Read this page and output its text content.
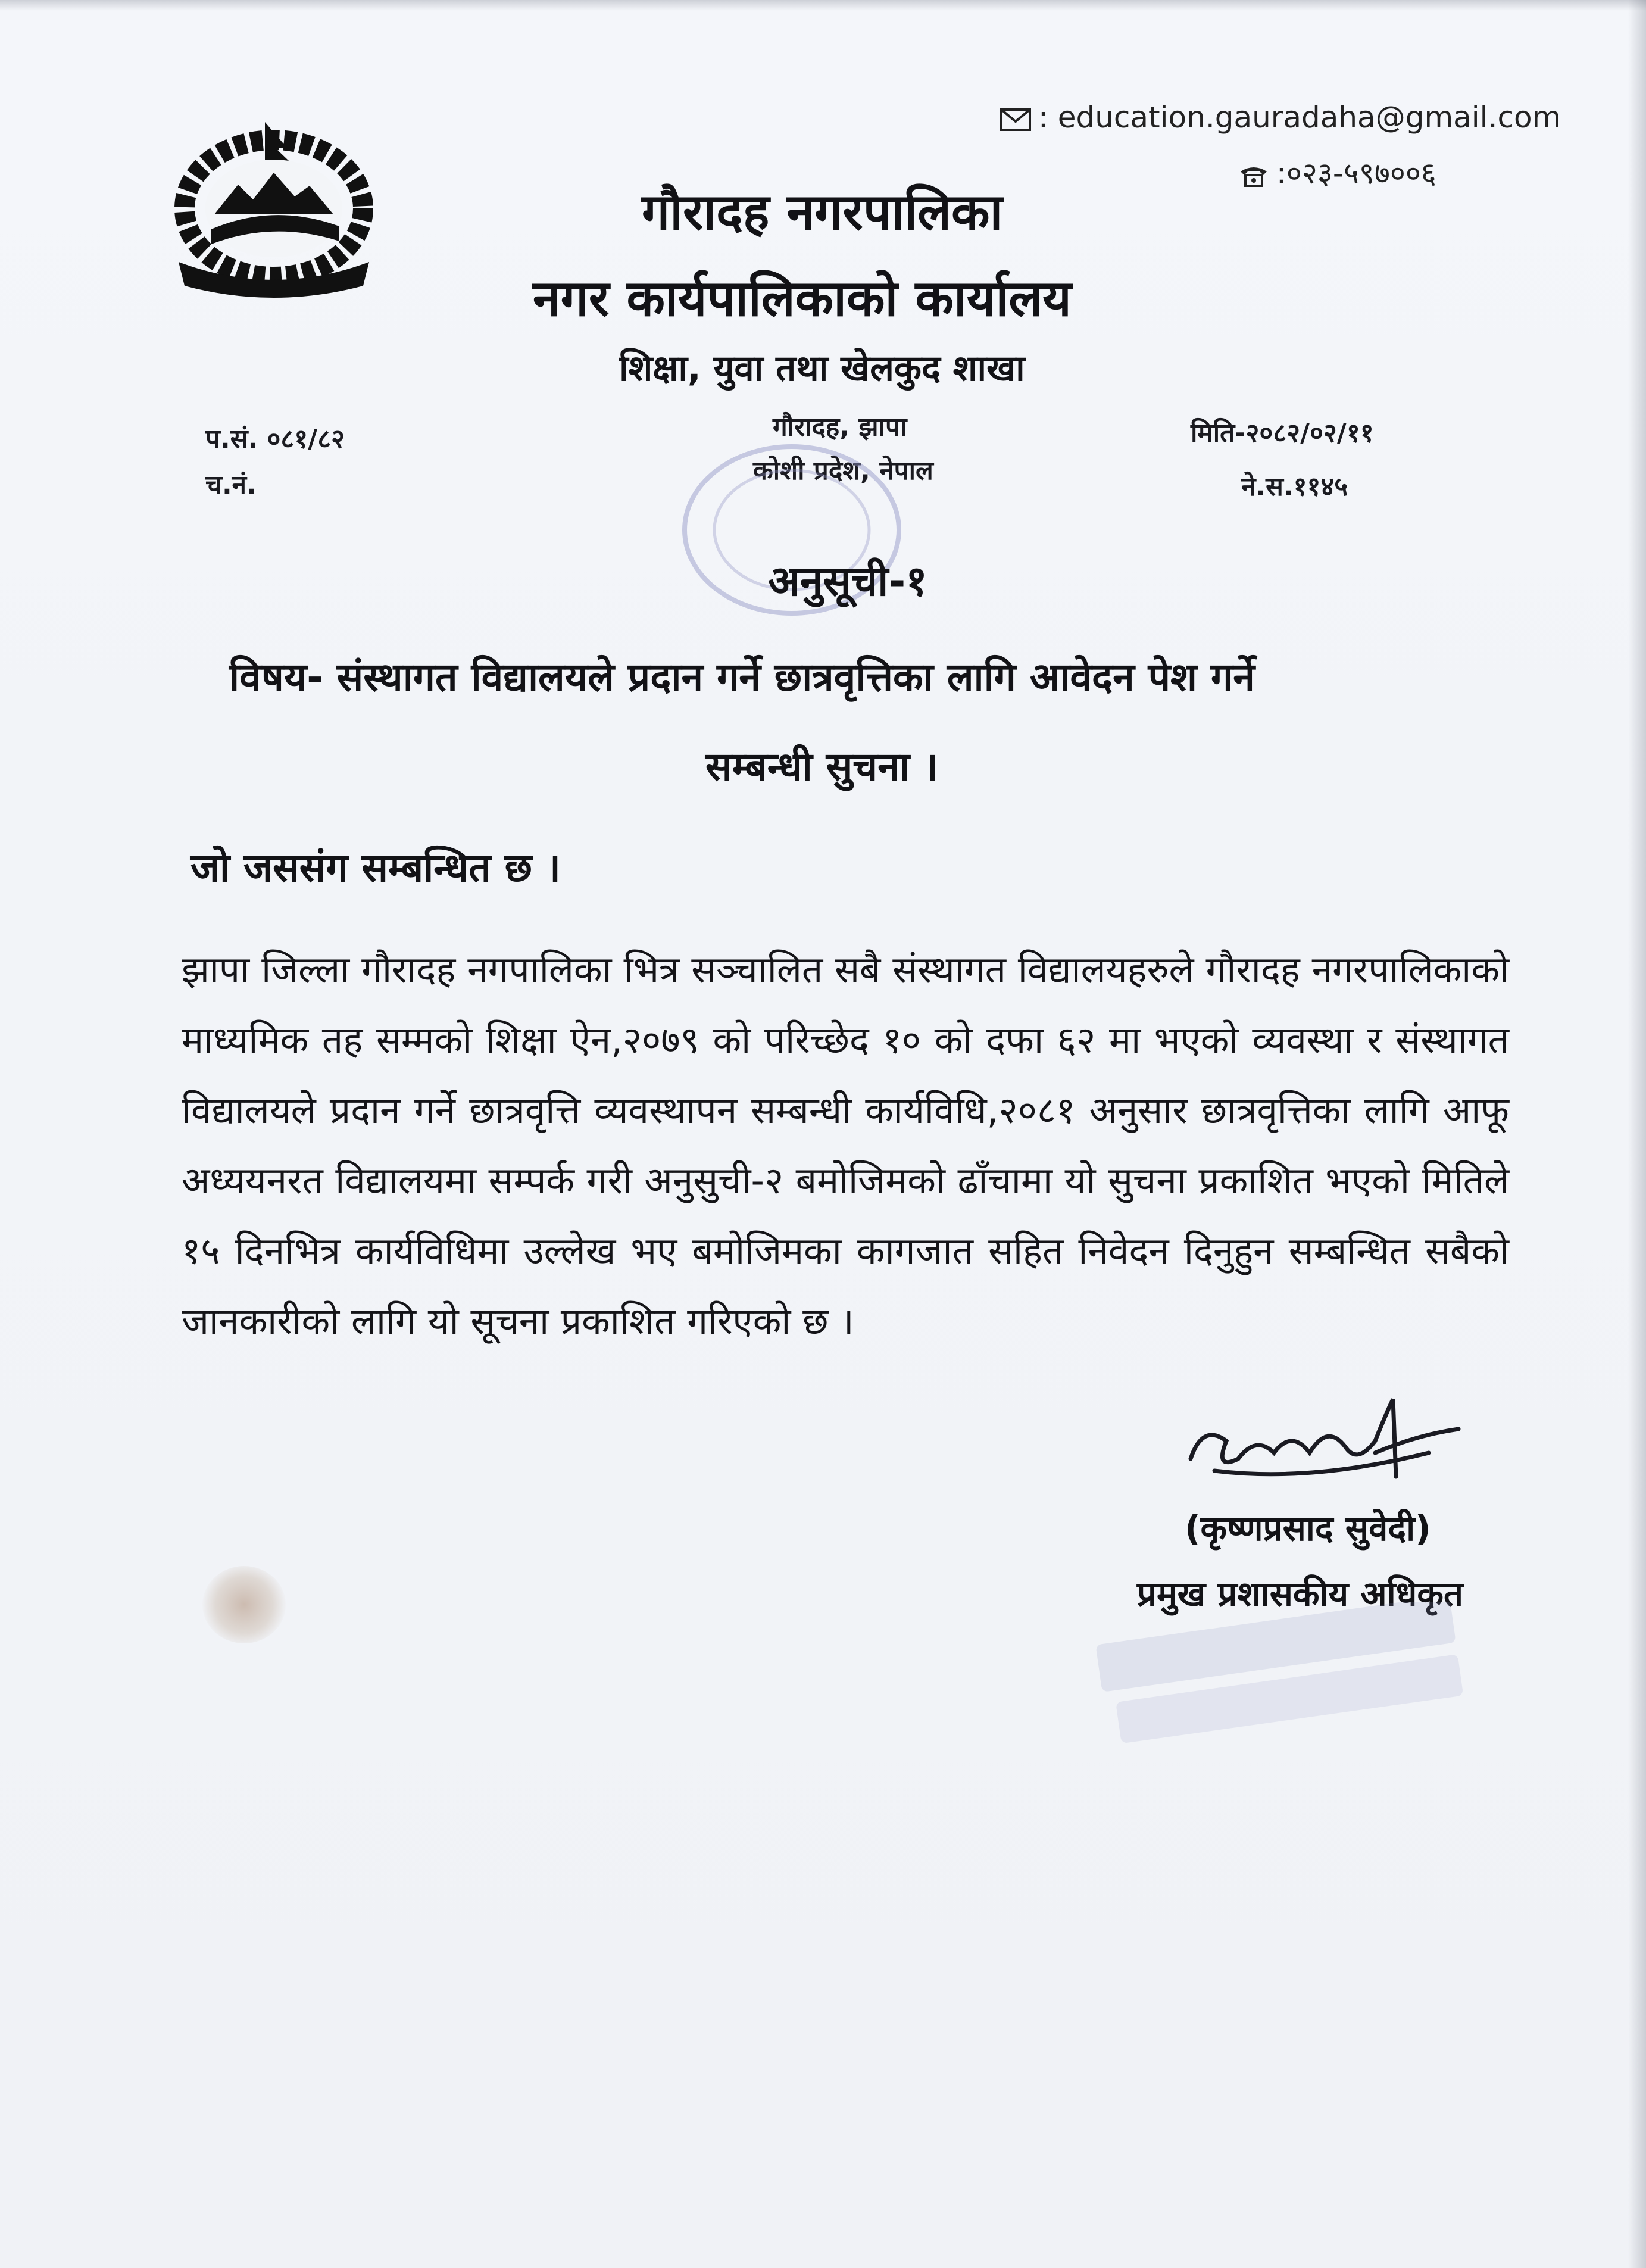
: education.gauradaha@gmail.com
:०२३-५९७००६
गौरादह नगरपालिका
नगर कार्यपालिकाको कार्यालय
शिक्षा, युवा तथा खेलकुद शाखा
गौरादह, झापा
कोशी प्रदेश, नेपाल
प.सं. ०८१/८२
च.नं.
मिति-२०८२/०२/११
ने.स.११४५
अनुसूची-१
विषय- संस्थागत विद्यालयले प्रदान गर्ने छात्रवृत्तिका लागि आवेदन पेश गर्ने
सम्बन्धी सुचना ।
जो जससंग सम्बन्धित छ ।
झापा जिल्ला गौरादह नगपालिका भित्र सञ्चालित सबै संस्थागत विद्यालयहरुले गौरादह नगरपालिकाको माध्यमिक तह सम्मको शिक्षा ऐन,२०७९ को परिच्छेद १० को दफा ६२ मा भएको व्यवस्था र संस्थागत विद्यालयले प्रदान गर्ने छात्रवृत्ति व्यवस्थापन सम्बन्धी कार्यविधि,२०८१ अनुसार छात्रवृत्तिका लागि आफू अध्ययनरत विद्यालयमा सम्पर्क गरी अनुसुची-२ बमोजिमको ढाँचामा यो सुचना प्रकाशित भएको मितिले १५ दिनभित्र कार्यविधिमा उल्लेख भए बमोजिमका कागजात सहित निवेदन दिनुहुन सम्बन्धित सबैको जानकारीको लागि यो सूचना प्रकाशित गरिएको छ ।
(कृष्णप्रसाद सुवेदी)
प्रमुख प्रशासकीय अधिकृत
